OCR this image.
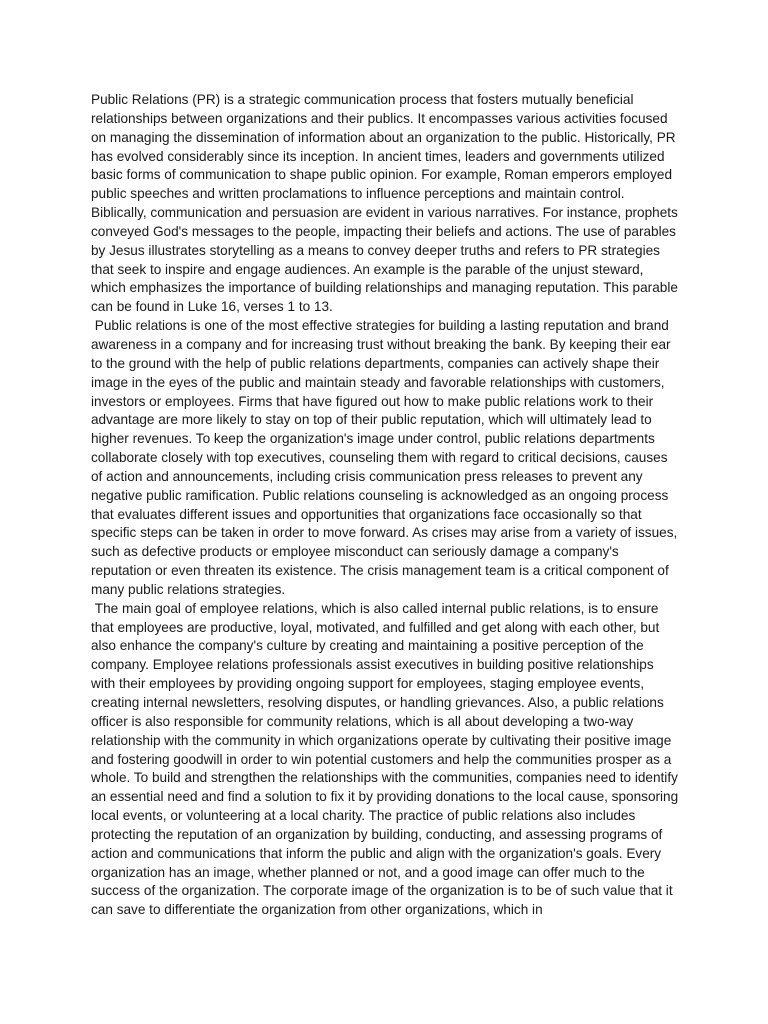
Public Relations (PR) is a strategic communication process that fosters mutually beneficial relationships between organizations and their publics. It encompasses various activities focused on managing the dissemination of information about an organization to the public. Historically, PR has evolved considerably since its inception. In ancient times, leaders and governments utilized basic forms of communication to shape public opinion. For example, Roman emperors employed public speeches and written proclamations to influence perceptions and maintain control. Biblically, communication and persuasion are evident in various narratives. For instance, prophets conveyed God's messages to the people, impacting their beliefs and actions. The use of parables by Jesus illustrates storytelling as a means to convey deeper truths and refers to PR strategies that seek to inspire and engage audiences. An example is the parable of the unjust steward, which emphasizes the importance of building relationships and managing reputation. This parable can be found in Luke 16, verses 1 to 13.

Public relations is one of the most effective strategies for building a lasting reputation and brand awareness in a company and for increasing trust without breaking the bank. By keeping their ear to the ground with the help of public relations departments, companies can actively shape their image in the eyes of the public and maintain steady and favorable relationships with customers, investors or employees. Firms that have figured out how to make public relations work to their advantage are more likely to stay on top of their public reputation, which will ultimately lead to higher revenues. To keep the organization's image under control, public relations departments collaborate closely with top executives, counseling them with regard to critical decisions, causes of action and announcements, including crisis communication press releases to prevent any negative public ramification. Public relations counseling is acknowledged as an ongoing process that evaluates different issues and opportunities that organizations face occasionally so that specific steps can be taken in order to move forward. As crises may arise from a variety of issues, such as defective products or employee misconduct can seriously damage a company's reputation or even threaten its existence. The crisis management team is a critical component of many public relations strategies.

The main goal of employee relations, which is also called internal public relations, is to ensure that employees are productive, loyal, motivated, and fulfilled and get along with each other, but also enhance the company's culture by creating and maintaining a positive perception of the company. Employee relations professionals assist executives in building positive relationships with their employees by providing ongoing support for employees, staging employee events, creating internal newsletters, resolving disputes, or handling grievances. Also, a public relations officer is also responsible for community relations, which is all about developing a two-way relationship with the community in which organizations operate by cultivating their positive image and fostering goodwill in order to win potential customers and help the communities prosper as a whole. To build and strengthen the relationships with the communities, companies need to identify an essential need and find a solution to fix it by providing donations to the local cause, sponsoring local events, or volunteering at a local charity. The practice of public relations also includes protecting the reputation of an organization by building, conducting, and assessing programs of action and communications that inform the public and align with the organization's goals. Every organization has an image, whether planned or not, and a good image can offer much to the success of the organization. The corporate image of the organization is to be of such value that it can save to differentiate the organization from other organizations, which in
